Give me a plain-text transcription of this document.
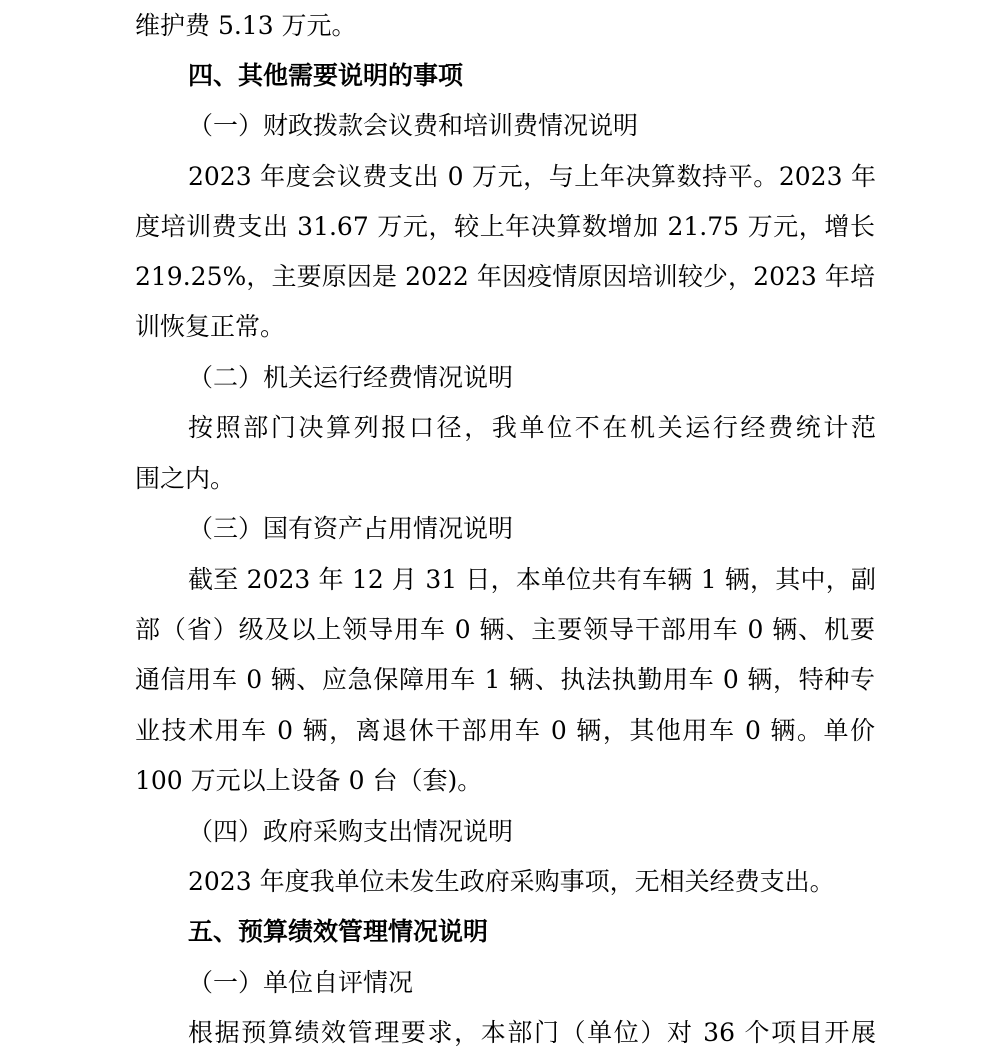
维护费 5.13 万元。
四、其他需要说明的事项
（一）财政拨款会议费和培训费情况说明
2023 年度会议费支出 0 万元，与上年决算数持平。2023 年
度培训费支出 31.67 万元，较上年决算数增加 21.75 万元，增长
219.25%，主要原因是 2022 年因疫情原因培训较少，2023 年培
训恢复正常。
（二）机关运行经费情况说明
按照部门决算列报口径，我单位不在机关运行经费统计范
围之内。
（三）国有资产占用情况说明
截至 2023 年 12 月 31 日，本单位共有车辆 1 辆，其中，副
部（省）级及以上领导用车 0 辆、主要领导干部用车 0 辆、机要
通信用车 0 辆、应急保障用车 1 辆、执法执勤用车 0 辆，特种专
业技术用车 0 辆，离退休干部用车 0 辆，其他用车 0 辆。单价
100 万元以上设备 0 台（套)。
（四）政府采购支出情况说明
2023 年度我单位未发生政府采购事项，无相关经费支出。
五、预算绩效管理情况说明
（一）单位自评情况
根据预算绩效管理要求，本部门（单位）对 36 个项目开展
